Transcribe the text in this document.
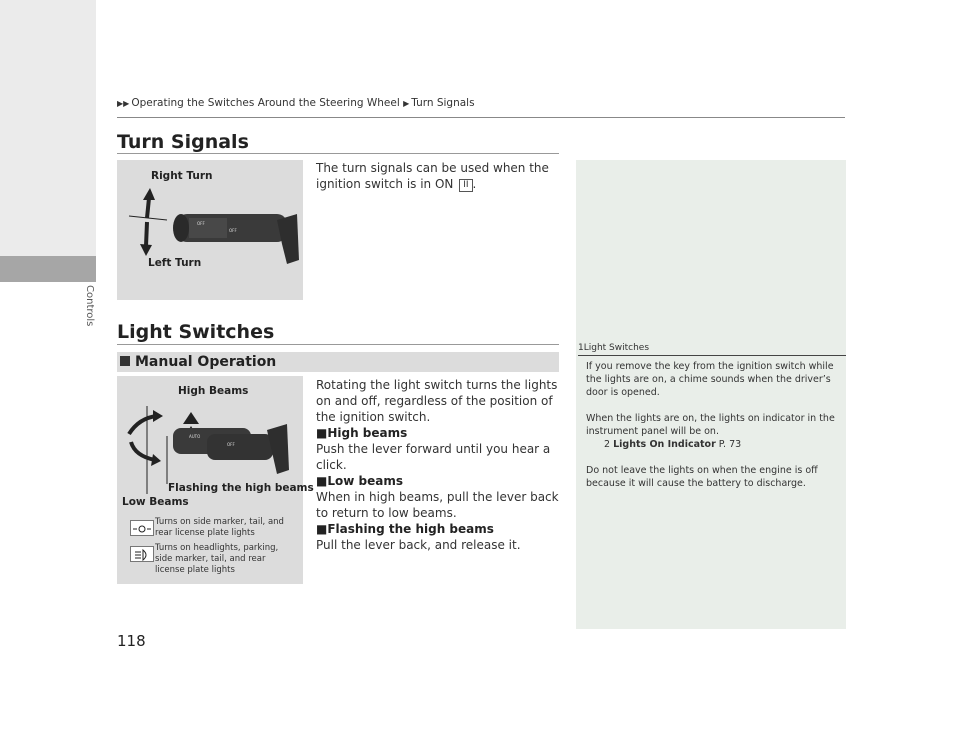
Controls
▶▶ Operating the Switches Around the Steering Wheel ▶ Turn Signals
Turn Signals
OFF
OFF
Right Turn
Left Turn
The turn signals can be used when the ignition switch is in ON II .
Light Switches
Manual Operation
AUTO
OFF
High Beams
Flashing the high beams
Low Beams
Turns on side marker, tail, and rear license plate lights
Turns on headlights, parking, side marker, tail, and rear license plate lights
Rotating the light switch turns the lights on and off, regardless of the position of the ignition switch.
■High beams
Push the lever forward until you hear a click.
■Low beams
When in high beams, pull the lever back to return to low beams.
■Flashing the high beams
Pull the lever back, and release it.
1Light Switches

If you remove the key from the ignition switch while the lights are on, a chime sounds when the driver’s door is opened.

When the lights are on, the lights on indicator in the instrument panel will be on.

2 Lights On Indicator P. 73

Do not leave the lights on when the engine is off because it will cause the battery to discharge.

118
